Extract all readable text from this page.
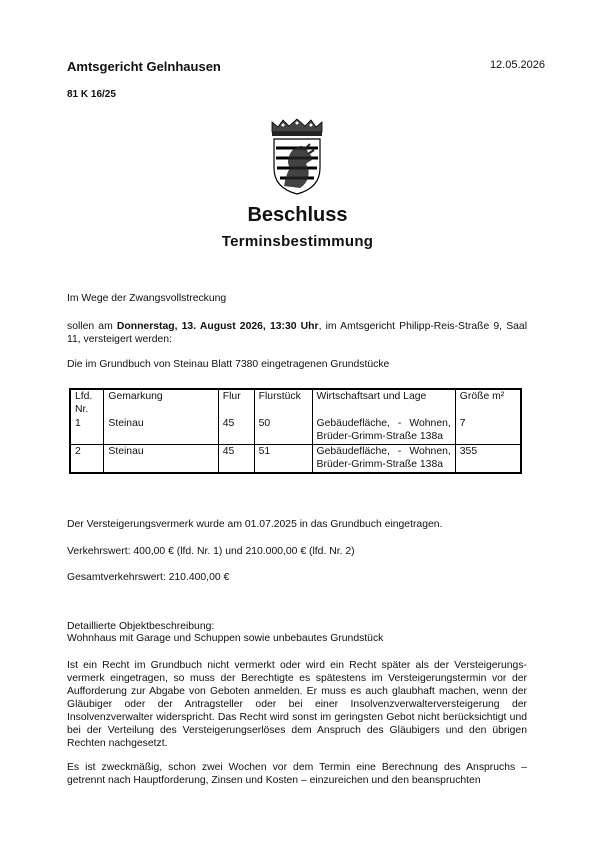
Amtsgericht Gelnhausen	12.05.2026
81 K 16/25
Beschluss
Terminsbestimmung
Im Wege der Zwangsvollstreckung
sollen am Donnerstag, 13. August 2026, 13:30 Uhr, im Amtsgericht Philipp-Reis-Straße 9, Saal 11, versteigert werden:
Die im Grundbuch von Steinau Blatt 7380 eingetragenen Grundstücke
Lfd. Nr.	Gemarkung	Flur	Flurstück	Wirtschaftsart und Lage	Größe m²
1	Steinau	45	50	Gebäudefläche, - Wohnen, Brüder-Grimm-Straße 138a	7
2	Steinau	45	51	Gebäudefläche, - Wohnen, Brüder-Grimm-Straße 138a	355
Der Versteigerungsvermerk wurde am 01.07.2025 in das Grundbuch eingetragen.
Verkehrswert: 400,00 € (lfd. Nr. 1) und 210.000,00 € (lfd. Nr. 2)
Gesamtverkehrswert: 210.400,00 €
Detaillierte Objektbeschreibung:
Wohnhaus mit Garage und Schuppen sowie unbebautes Grundstück
Ist ein Recht im Grundbuch nicht vermerkt oder wird ein Recht später als der Versteigerungs-vermerk eingetragen, so muss der Berechtigte es spätestens im Versteigerungstermin vor der Aufforderung zur Abgabe von Geboten anmelden. Er muss es auch glaubhaft machen, wenn der Gläubiger oder der Antragsteller oder bei einer Insolvenzverwalterversteigerung der Insolvenzverwalter widerspricht. Das Recht wird sonst im geringsten Gebot nicht berücksichtigt und bei der Verteilung des Versteigerungserlöses dem Anspruch des Gläubigers und den übrigen Rechten nachgesetzt.
Es ist zweckmäßig, schon zwei Wochen vor dem Termin eine Berechnung des Anspruchs – getrennt nach Hauptforderung, Zinsen und Kosten – einzureichen und den beanspruchten
